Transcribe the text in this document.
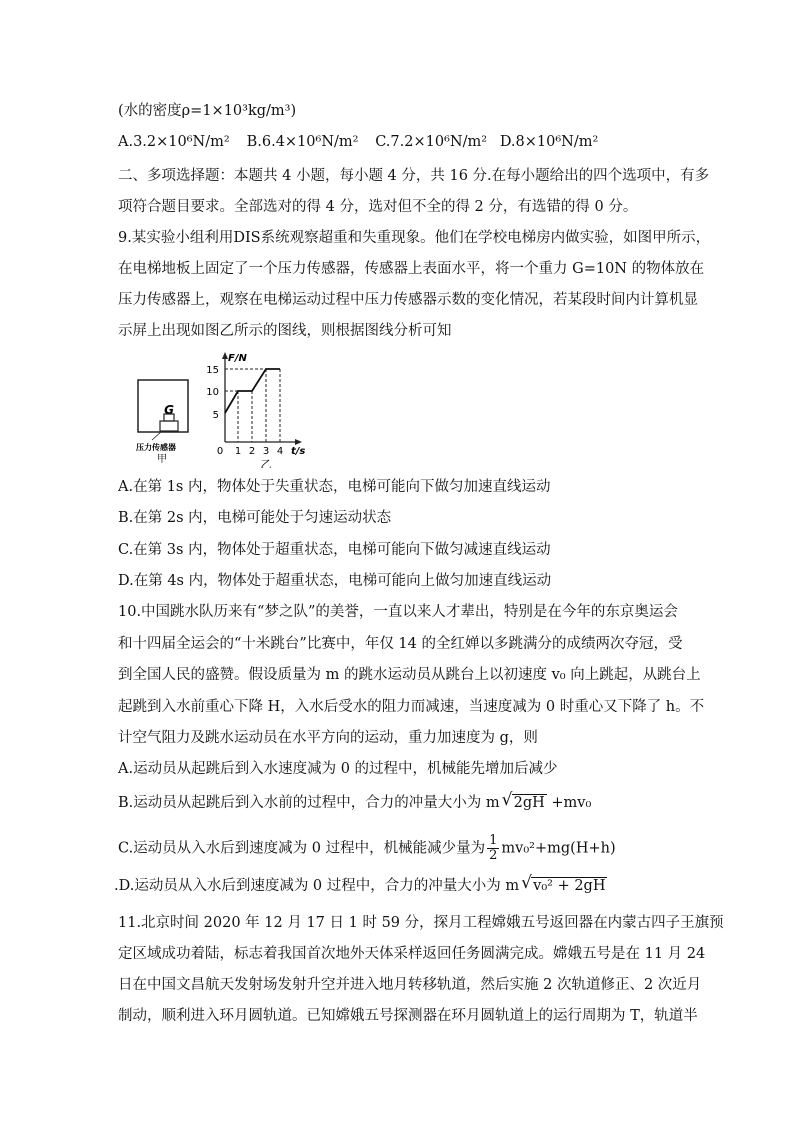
(水的密度ρ=1×10³kg/m³)
A.3.2×10⁶N/m² B.6.4×10⁶N/m² C.7.2×10⁶N/m² D.8×10⁶N/m²
二、多项选择题：本题共 4 小题，每小题 4 分，共 16 分.在每小题给出的四个选项中，有多
项符合题目要求。全部选对的得 4 分，选对但不全的得 2 分，有选错的得 0 分。
9.某实验小组利用DIS系统观察超重和失重现象。他们在学校电梯房内做实验，如图甲所示，
在电梯地板上固定了一个压力传感器，传感器上表面水平，将一个重力 G=10N 的物体放在
压力传感器上，观察在电梯运动过程中压力传感器示数的变化情况，若某段时间内计算机显
示屏上出现如图乙所示的图线，则根据图线分析可知
G
压力传感器
甲
F/N
t/s
0
15
10
5
1 2 3 4
乙
A.在第 1s 内，物体处于失重状态，电梯可能向下做匀加速直线运动
B.在第 2s 内，电梯可能处于匀速运动状态
C.在第 3s 内，物体处于超重状态，电梯可能向下做匀减速直线运动
D.在第 4s 内，物体处于超重状态，电梯可能向上做匀加速直线运动
10.中国跳水队历来有“梦之队”的美誉，一直以来人才辈出，特别是在今年的东京奥运会
和十四届全运会的“十米跳台”比赛中，年仅 14 的全红婵以多跳满分的成绩两次夺冠，受
到全国人民的盛赞。假设质量为 m 的跳水运动员从跳台上以初速度 v₀ 向上跳起，从跳台上
起跳到入水前重心下降 H，入水后受水的阻力而减速，当速度减为 0 时重心又下降了 h。不
计空气阻力及跳水运动员在水平方向的运动，重力加速度为 g，则
A.运动员从起跳后到入水速度减为 0 的过程中，机械能先增加后减少
B.运动员从起跳后到入水前的过程中，合力的冲量大小为 m √ 2gH +mv₀
C.运动员从入水后到速度减为 0 过程中，机械能减少量为 $\frac{1}{2} mv_0^2+mg(H+h)$
.D.运动员从入水后到速度减为 0 过程中，合力的冲量大小为 m √ v₀² + 2gH
11.北京时间 2020 年 12 月 17 日 1 时 59 分，探月工程嫦娥五号返回器在内蒙古四子王旗预
定区域成功着陆，标志着我国首次地外天体采样返回任务圆满完成。嫦娥五号是在 11 月 24
日在中国文昌航天发射场发射升空并进入地月转移轨道，然后实施 2 次轨道修正、2 次近月
制动，顺利进入环月圆轨道。已知嫦娥五号探测器在环月圆轨道上的运行周期为 T，轨道半
